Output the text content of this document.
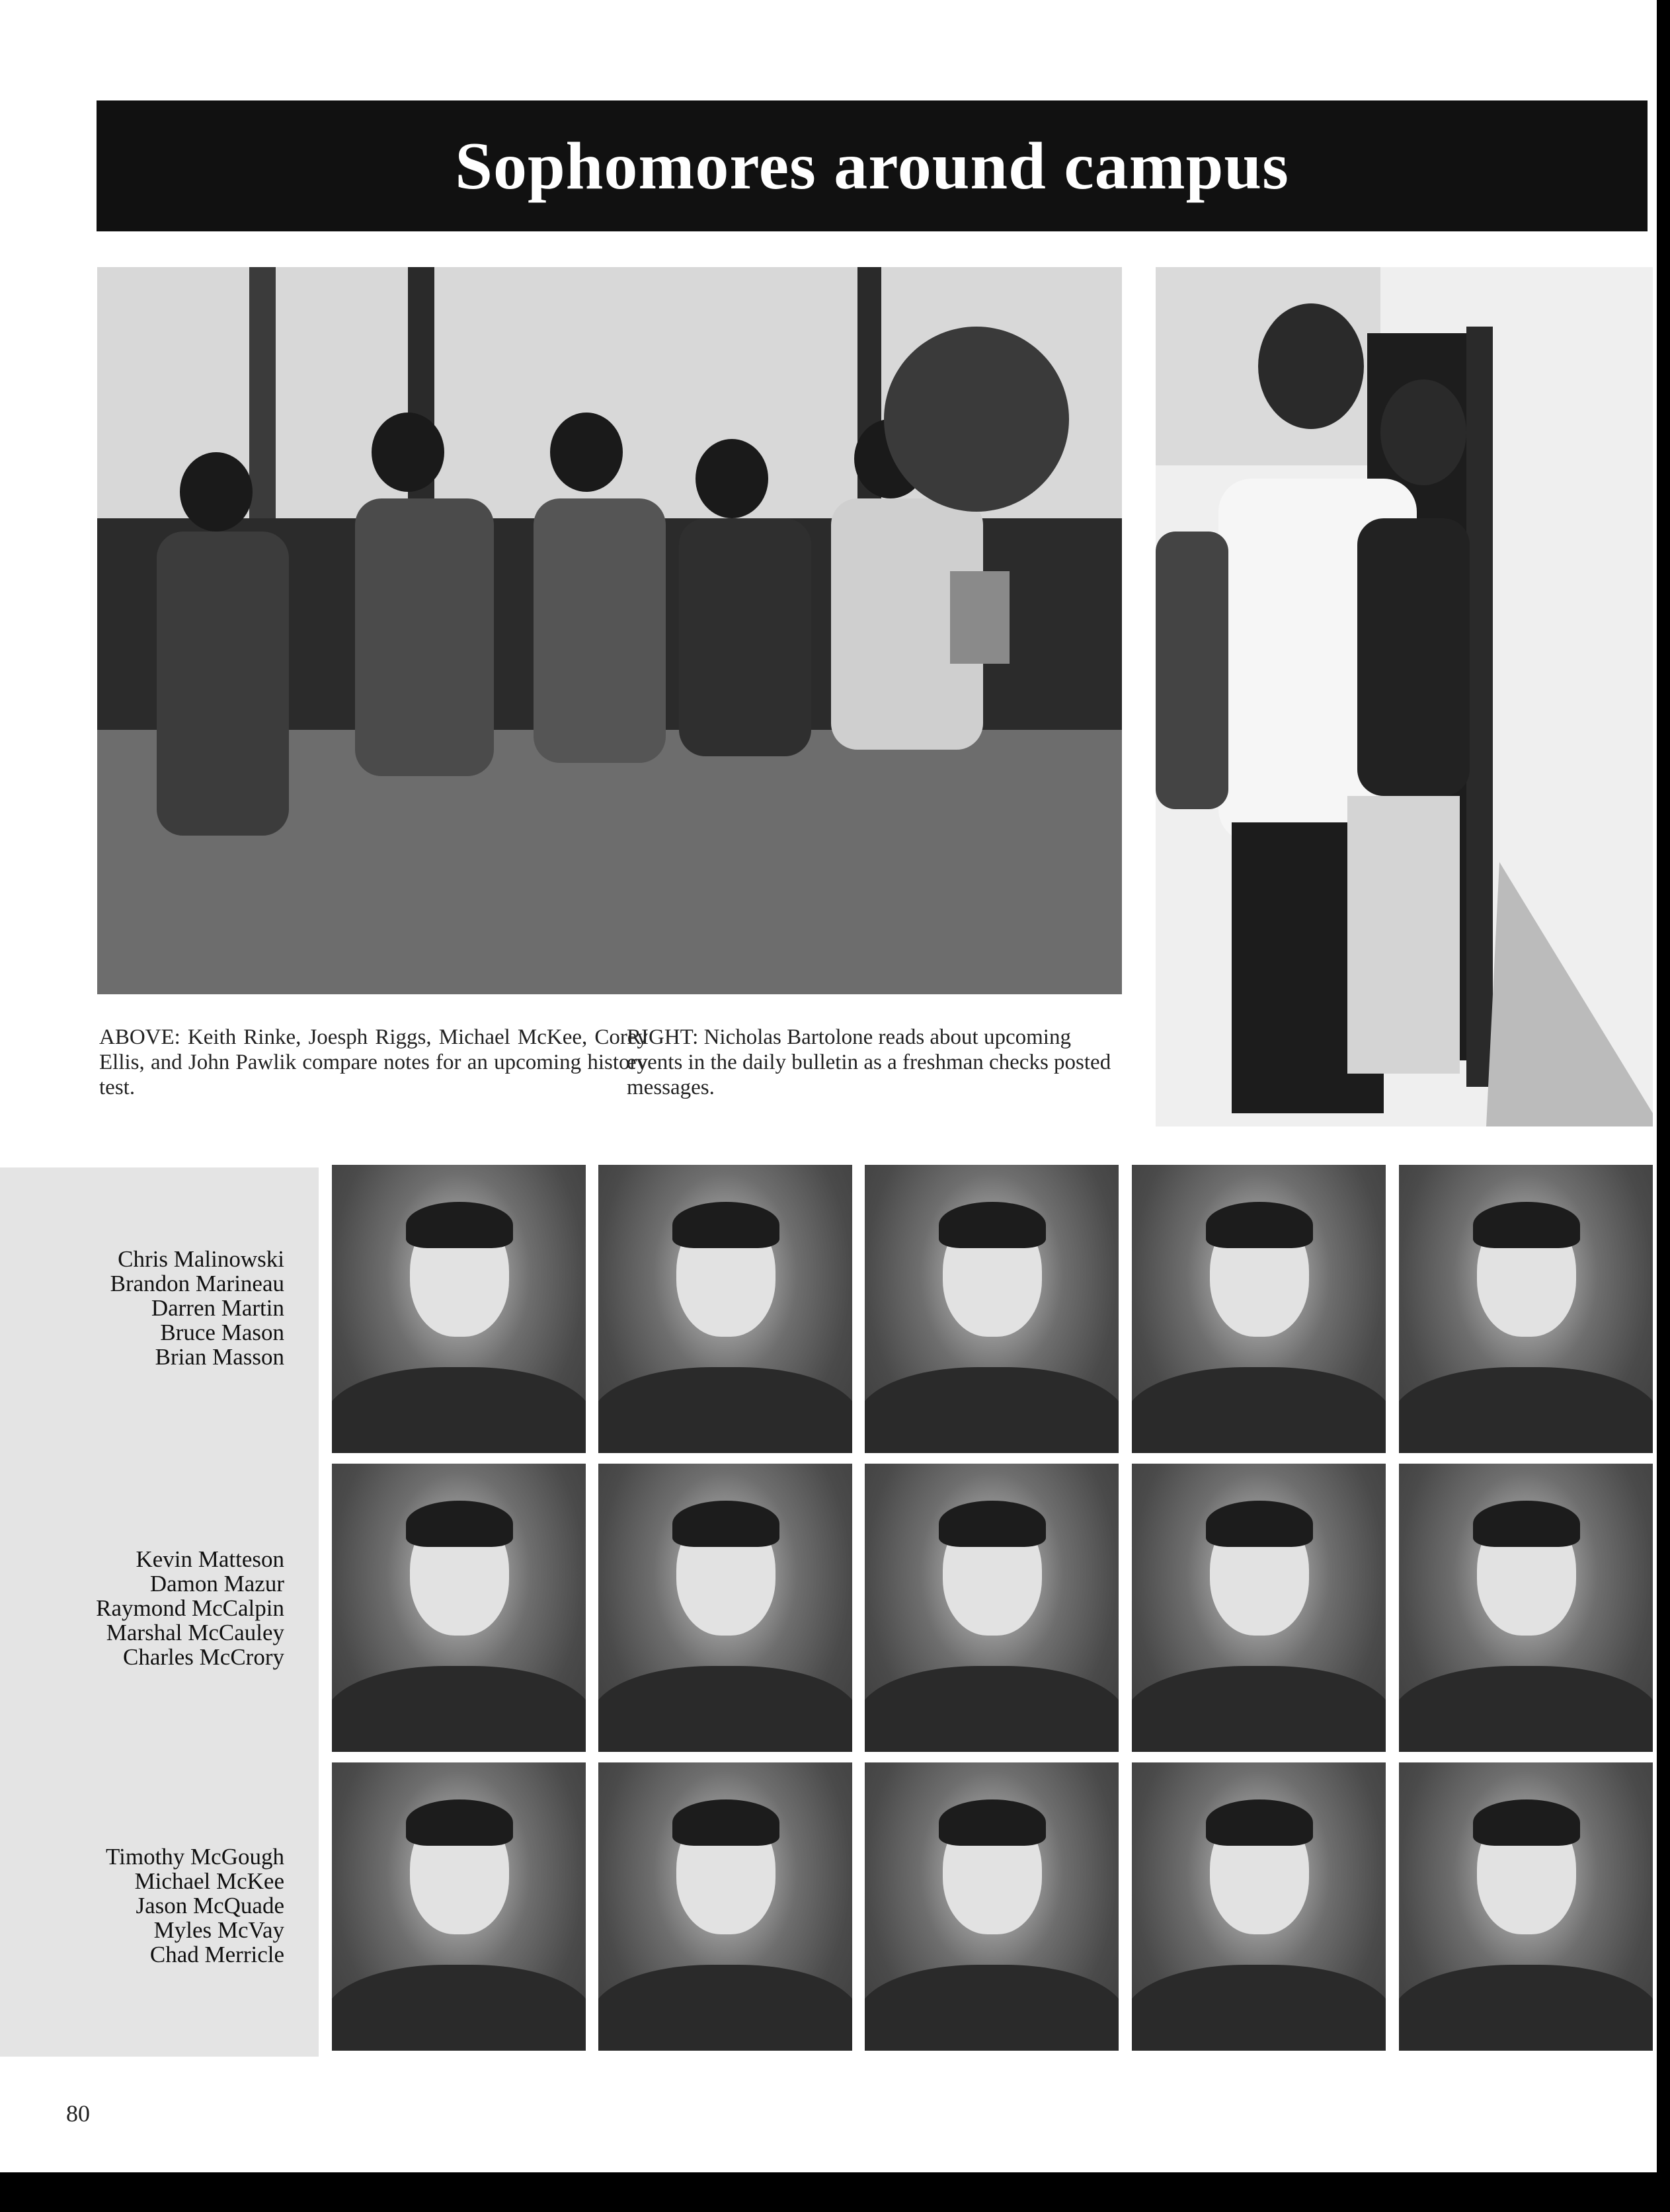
Sophomores around campus
ABOVE: Keith Rinke, Joesph Riggs, Michael McKee, Corey Ellis, and John Pawlik compare notes for an upcoming history test.
RIGHT: Nicholas Bartolone reads about upcoming events in the daily bulletin as a freshman checks posted messages.
Chris Malinowski
Brandon Marineau
Darren Martin
Bruce Mason
Brian Masson
Kevin Matteson
Damon Mazur
Raymond McCalpin
Marshal McCauley
Charles McCrory
Timothy McGough
Michael McKee
Jason McQuade
Myles McVay
Chad Merricle
80
